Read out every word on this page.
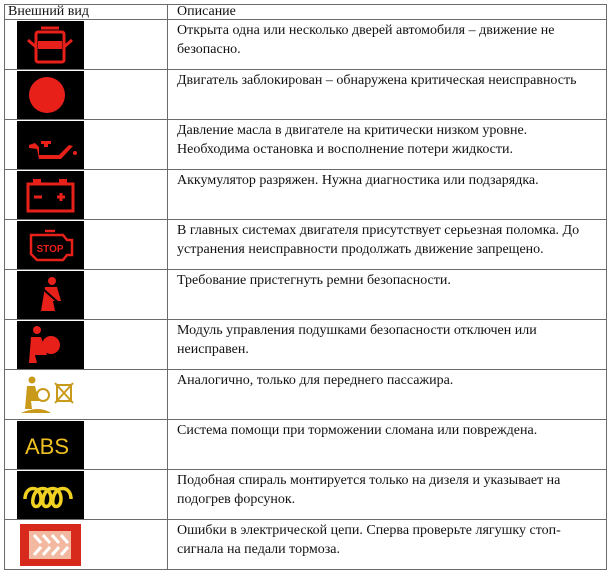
Внешний вид	Описание

	Открыта одна или несколько дверей автомобиля – движение не безопасно.

	Двигатель заблокирован – обнаружена критическая неисправность

	Давление масла в двигателе на критически низком уровне. Необходима остановка и восполнение потери жидкости.

	Аккумулятор разряжен. Нужна диагностика или подзарядка.

STOP	В главных системах двигателя присутствует серьезная поломка. До устранения неисправности продолжать движение запрещено.

	Требование пристегнуть ремни безопасности.

	Модуль управления подушками безопасности отключен или неисправен.

	Аналогично, только для переднего пассажира.

ABS	Система помощи при торможении сломана или повреждена.

	Подобная спираль монтируется только на дизеля и указывает на подогрев форсунок.

	Ошибки в электрической цепи. Сперва проверьте лягушку стоп-сигнала на педали тормоза.
